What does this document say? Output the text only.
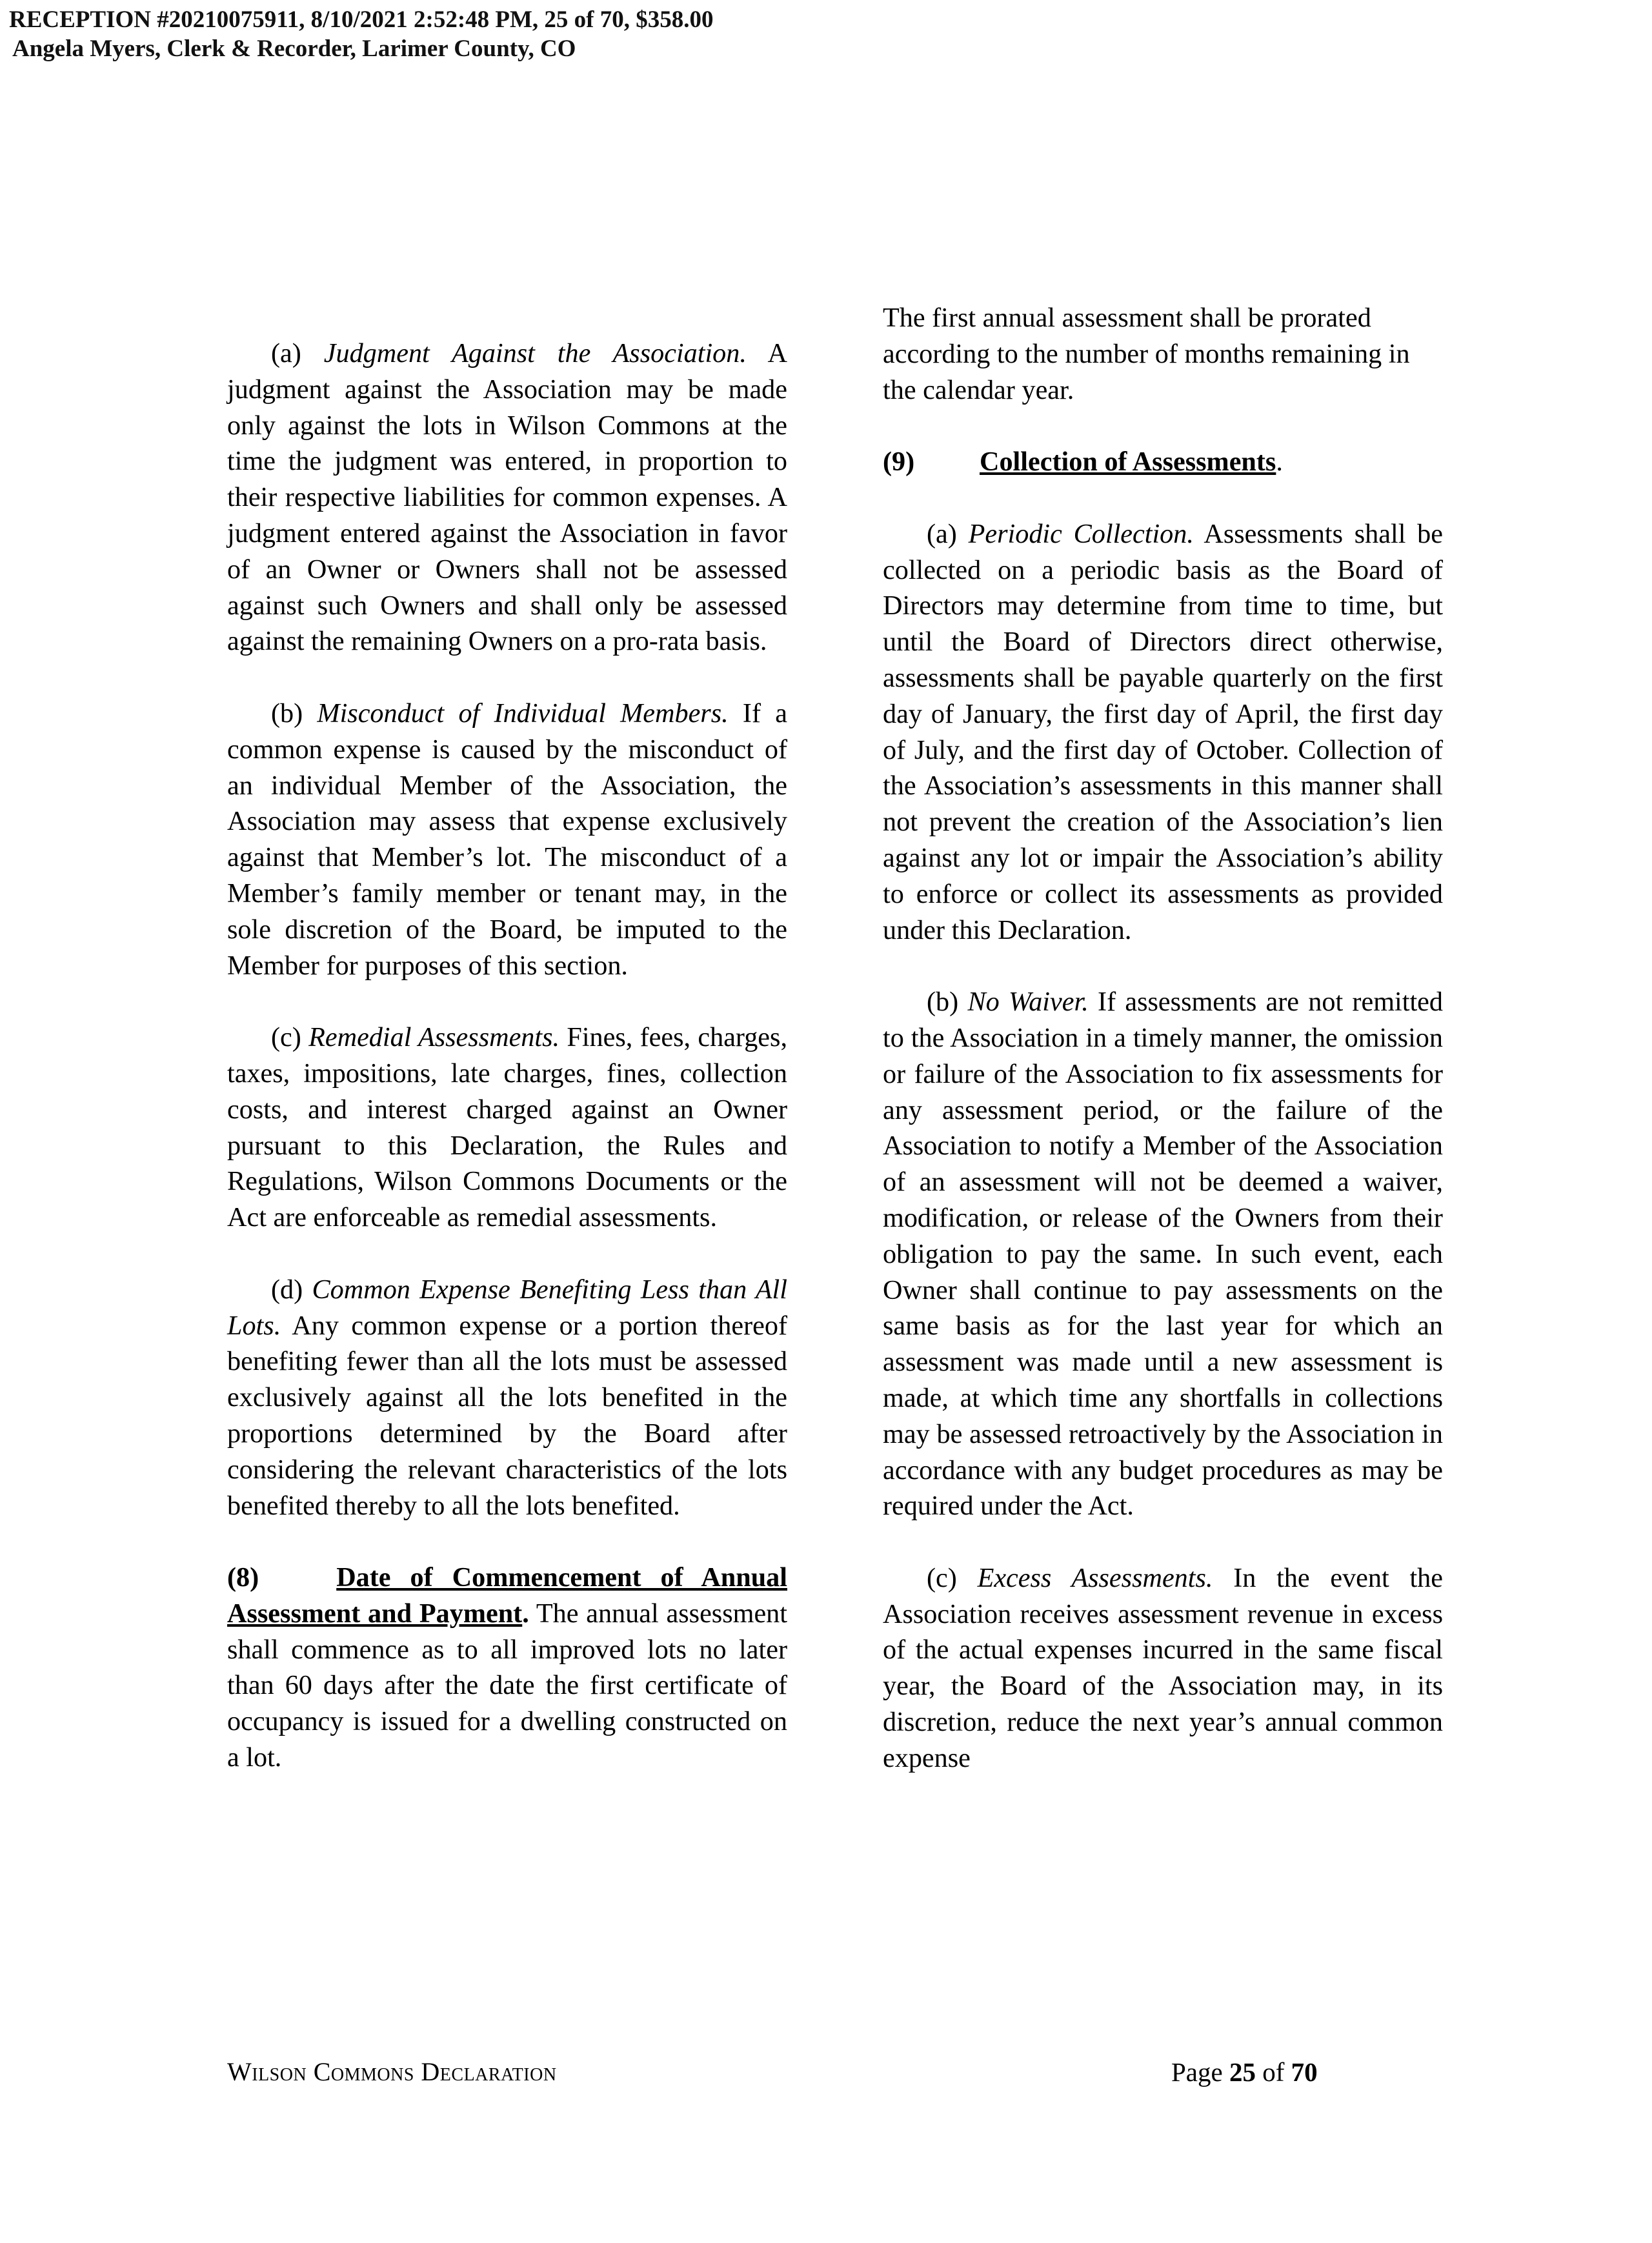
RECEPTION #20210075911, 8/10/2021 2:52:48 PM, 25 of 70, $358.00
Angela Myers, Clerk & Recorder, Larimer County, CO

(a) Judgment Against the Association. A judgment against the Association may be made only against the lots in Wilson Commons at the time the judgment was entered, in proportion to their respective liabilities for common expenses. A judgment entered against the Association in favor of an Owner or Owners shall not be assessed against such Owners and shall only be assessed against the remaining Owners on a pro-rata basis.

(b) Misconduct of Individual Members. If a common expense is caused by the misconduct of an individual Member of the Association, the Association may assess that expense exclusively against that Member’s lot. The misconduct of a Member’s family member or tenant may, in the sole discretion of the Board, be imputed to the Member for purposes of this section.

(c) Remedial Assessments. Fines, fees, charges, taxes, impositions, late charges, fines, collection costs, and interest charged against an Owner pursuant to this Declaration, the Rules and Regulations, Wilson Commons Documents or the Act are enforceable as remedial assessments.

(d) Common Expense Benefiting Less than All Lots. Any common expense or a portion thereof benefiting fewer than all the lots must be assessed exclusively against all the lots benefited in the proportions determined by the Board after considering the relevant characteristics of the lots benefited thereby to all the lots benefited.

(8)	Date of Commencement of Annual Assessment and Payment. The annual assessment shall commence as to all improved lots no later than 60 days after the date the first certificate of occupancy is issued for a dwelling constructed on a lot.

The first annual assessment shall be prorated according to the number of months remaining in the calendar year.

(9) Collection of Assessments.

(a) Periodic Collection. Assessments shall be collected on a periodic basis as the Board of Directors may determine from time to time, but until the Board of Directors direct otherwise, assessments shall be payable quarterly on the first day of January, the first day of April, the first day of July, and the first day of October. Collection of the Association’s assessments in this manner shall not prevent the creation of the Association’s lien against any lot or impair the Association’s ability to enforce or collect its assessments as provided under this Declaration.

(b) No Waiver. If assessments are not remitted to the Association in a timely manner, the omission or failure of the Association to fix assessments for any assessment period, or the failure of the Association to notify a Member of the Association of an assessment will not be deemed a waiver, modification, or release of the Owners from their obligation to pay the same. In such event, each Owner shall continue to pay assessments on the same basis as for the last year for which an assessment was made until a new assessment is made, at which time any shortfalls in collections may be assessed retroactively by the Association in accordance with any budget procedures as may be required under the Act.

(c) Excess Assessments. In the event the Association receives assessment revenue in excess of the actual expenses incurred in the same fiscal year, the Board of the Association may, in its discretion, reduce the next year’s annual common expense

Wilson Commons Declaration	Page 25 of 70
